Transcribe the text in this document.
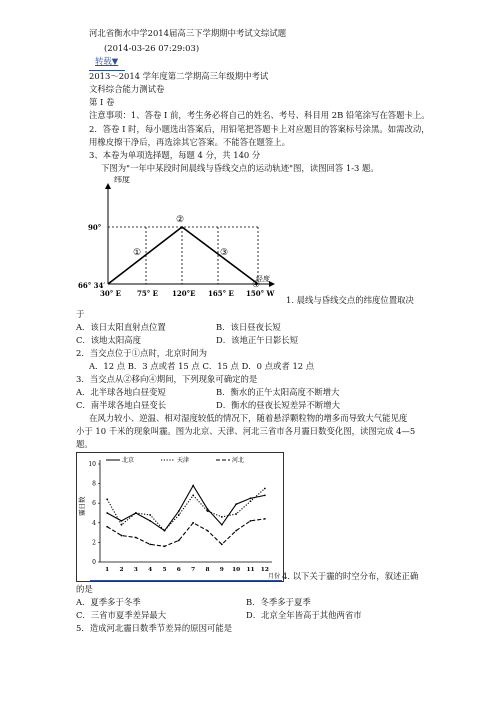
河北省衡水中学2014届高三下学期期中考试文综试题
(2014-03-26 07:29:03)
转载▼
2013～2014 学年度第二学期高三年级期中考试
文科综合能力测试卷
第 I 卷
注意事项：1、答卷 I 前，考生务必将自己的姓名、考号、科目用 2B 铅笔涂写在答题卡上。
2．答卷 I 时，每小题选出答案后，用铅笔把答题卡上对应题目的答案标号涂黑。如需改动，
用橡皮擦干净后，再选涂其它答案。不能答在题签上。
3、本卷为单项选择题，每题 4 分，共 140 分
下图为"一年中某段时间晨线与昏线交点的运动轨迹"图，读图回答 1-3 题。
纬度
90°
66° 34′
经度
30° E 75° E 120°E 165° E 150° W
①
②
③
④
1. 晨线与昏线交点的纬度位置取决
于
A．该日太阳直射点位置	B．该日昼夜长短
C．该地太阳高度	D．该地正午日影长短
2．当交点位于①点时，北京时间为
A．12 点 B．3 点或者 15 点 C．15 点 D．0 点或者 12 点
3．当交点从②移向④期间，下列现象可确定的是
A．北半球各地白昼变短	B．衡水的正午太阳高度不断增大
C．南半球各地白昼变长	D．衡水的昼夜长短差异不断增大
在风力较小、逆温、相对湿度较低的情况下，随着悬浮颗粒物的增多而导致大气能见度
小于 10 千米的现象叫霾。图为北京、天津、河北三省市各月霾日数变化图，读图完成 4—5
题。
北京	天津	河北
0
2
4
6
8
10
1 2 3 4 5 6 7 8 9 10 11 12
霾日数
月份 4. 以下关于霾的时空分布，叙述正确
的是
A．夏季多于冬季	B．冬季多于夏季
C．三省市夏季差异最大	D．北京全年皆高于其他两省市
5．造成河北霾日数季节差异的原因可能是
